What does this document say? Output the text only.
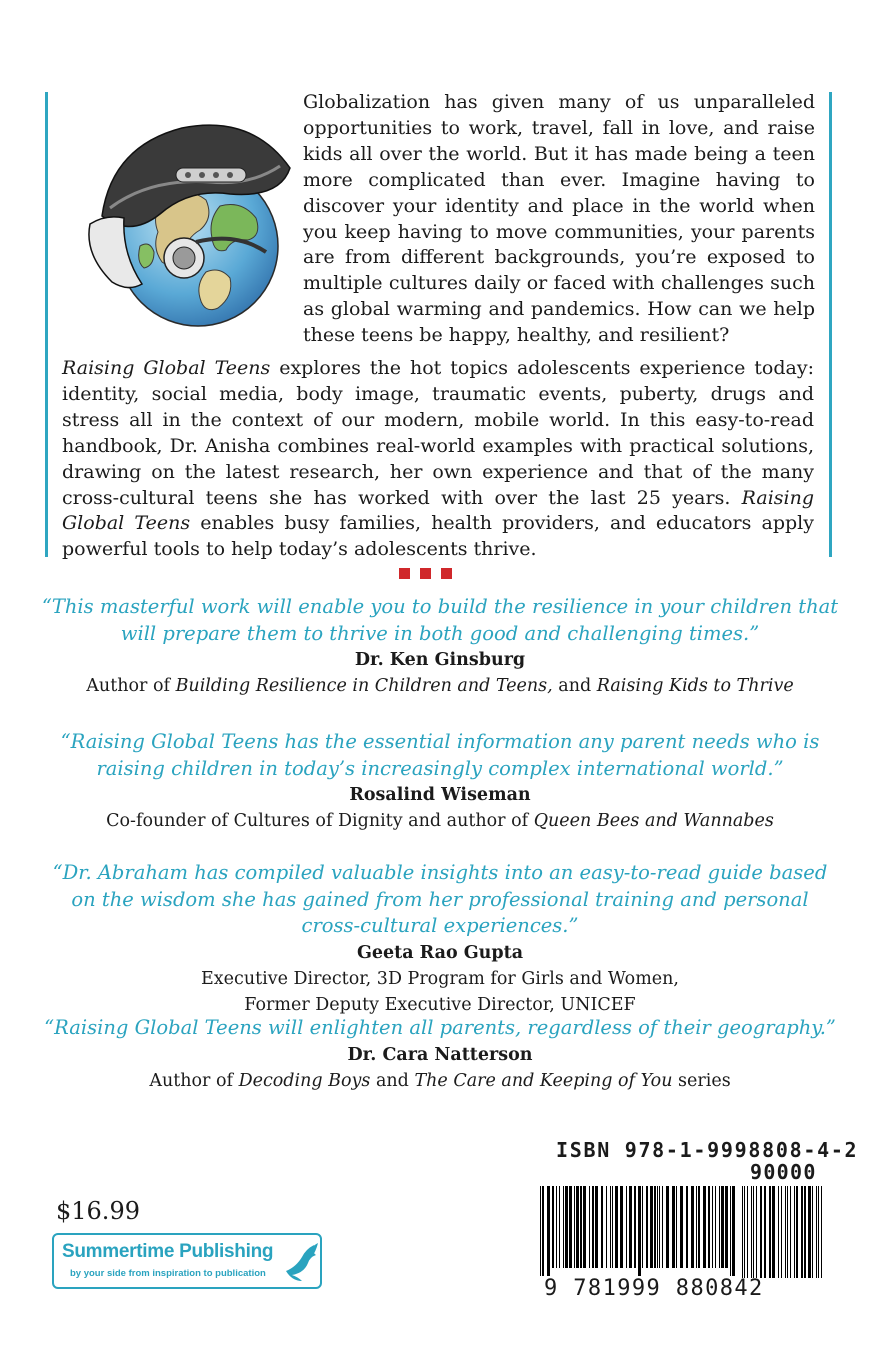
Globalization has given many of us unparalleled opportunities to work, travel, fall in love, and raise kids all over the world. But it has made being a teen more complicated than ever. Imagine having to discover your identity and place in the world when you keep having to move communities, your parents are from different backgrounds, you’re exposed to multiple cultures daily or faced with challenges such as global warming and pandemics. How can we help these teens be happy, healthy, and resilient?

Raising Global Teens explores the hot topics adolescents experience today: identity, social media, body image, traumatic events, puberty, drugs and stress all in the context of our modern, mobile world. In this easy-to-read handbook, Dr. Anisha combines real-world examples with practical solutions, drawing on the latest research, her own experience and that of the many cross-cultural teens she has worked with over the last 25 years. Raising Global Teens enables busy families, health providers, and educators apply powerful tools to help today’s adolescents thrive.

“This masterful work will enable you to build the resilience in your children that will prepare them to thrive in both good and challenging times.”
Dr. Ken Ginsburg
Author of Building Resilience in Children and Teens, and Raising Kids to Thrive
“Raising Global Teens has the essential information any parent needs who is raising children in today’s increasingly complex international world.”
Rosalind Wiseman
Co-founder of Cultures of Dignity and author of Queen Bees and Wannabes
“Dr. Abraham has compiled valuable insights into an easy-to-read guide based on the wisdom she has gained from her professional training and personal cross-cultural experiences.”
Geeta Rao Gupta
Executive Director, 3D Program for Girls and Women,
Former Deputy Executive Director, UNICEF
“Raising Global Teens will enlighten all parents, regardless of their geography.”
Dr. Cara Natterson
Author of Decoding Boys and The Care and Keeping of You series
$16.99
Summertime Publishing
by your side from inspiration to publication
ISBN 978-1-9998808-4-2
90000
9 781999 880842
